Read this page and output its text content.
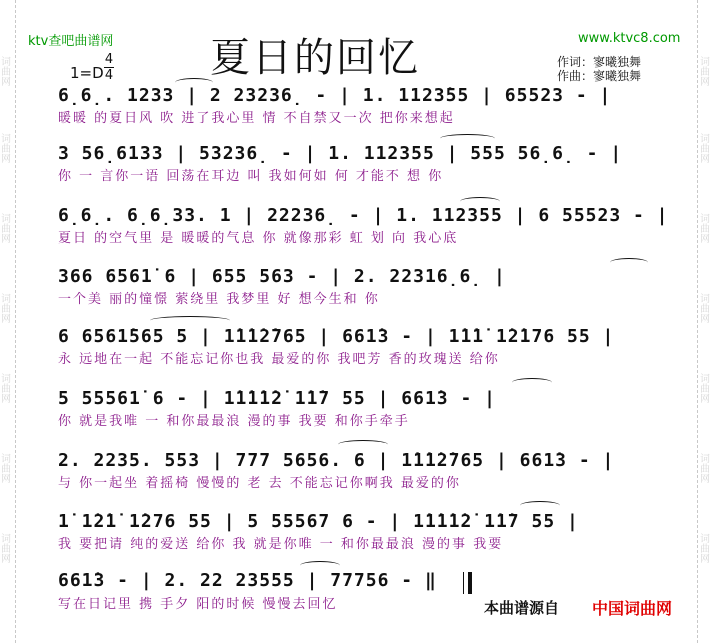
词
曲
网
词
曲
网
词
曲
网
词
曲
网
词
曲
网
词
曲
网
词
曲
网
词
曲
网
词
曲
网
词
曲
网
词
曲
网
词
曲
网
词
曲
网
词
曲
网
ktv查吧曲谱网	www.ktvc8.com
夏日的回忆
1=D
4
4
作词：寥曦独舞
作曲：寥曦独舞
6̣6̣. 1233 | 2 23236̣ - | 1. 1123̇55 | 65523 - |
暖暖 的夏日风 吹 进了我心里 情 不自禁又一次 把你来想起
3 56̣6133 | 53236̣ - | 1. 112355 | 555 56̣6̣ - |
你 一 言你一语 回荡在耳边 叫 我如何如 何 才能不 想 你
6̣6̣. 6̣6̣33. 1 | 22236̣ - | 1. 112355 | 6 55523 - |
夏日 的空气里 是 暖暖的气息 你 就像那彩 虹 划 向 我心底
366 6561̇ 6 | 655 563 - | 2. 22316̣6̣ |
一个美 丽的憧憬 萦绕里 我梦里 好 想今生和 你
6 6561̇565 5 | 1̇1̇1̇2̇765 | 661̇3 - | 1̇1̇1̇ 1̇2̇176 55 |
永 远地在一起 不能忘记你也我 最爱的你 我吧芳 香的玫瑰送 给你
5 55561̇ 6 - | 1̇1̇1̇1̇2̇ 1̇1̇7 55 | 661̇3 - |
你 就是我唯 一 和你最最浪 漫的事 我要 和你手牵手
2. 2235. 553 | 777 5656. 6 | 1̇1̇1̇2̇765 | 661̇3 - |
与 你一起坐 着摇椅 慢慢的 老 去 不能忘记你啊我 最爱的你
1̇ 1̇2̇1̇ 1̇276 55 | 5 55567 6 - | 1̇1̇1̇1̇2̇ 1̇1̇7 55 |
我 要把请 纯的爱送 给你 我 就是你唯 一 和你最最浪 漫的事 我要
661̇3 - | 2. 22 23555 | 77756 - ‖
写在日记里 携 手夕 阳的时候 慢慢去回忆	本曲谱源自 中国词曲网
